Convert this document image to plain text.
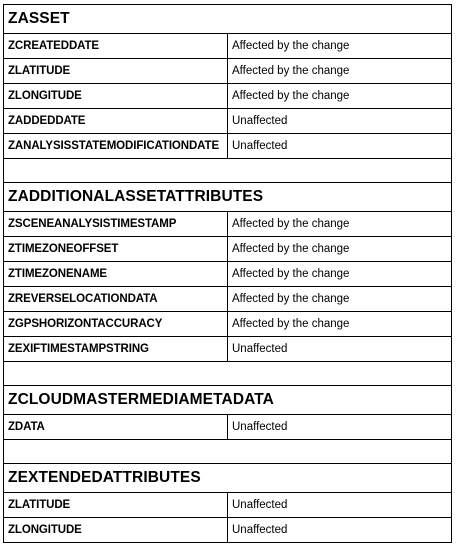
ZASSET	
ZCREATEDDATE	Affected by the change
ZLATITUDE	Affected by the change
ZLONGITUDE	Affected by the change
ZADDEDDATE	Unaffected
ZANALYSISSTATEMODIFICATIONDATE	Unaffected

ZADDITIONALASSETATTRIBUTES	
ZSCENEANALYSISTIMESTAMP	Affected by the change
ZTIMEZONEOFFSET	Affected by the change
ZTIMEZONENAME	Affected by the change
ZREVERSELOCATIONDATA	Affected by the change
ZGPSHORIZONTACCURACY	Affected by the change
ZEXIFTIMESTAMPSTRING	Unaffected

ZCLOUDMASTERMEDIAMETADATA	
ZDATA	Unaffected

ZEXTENDEDATTRIBUTES	
ZLATITUDE	Unaffected
ZLONGITUDE	Unaffected
